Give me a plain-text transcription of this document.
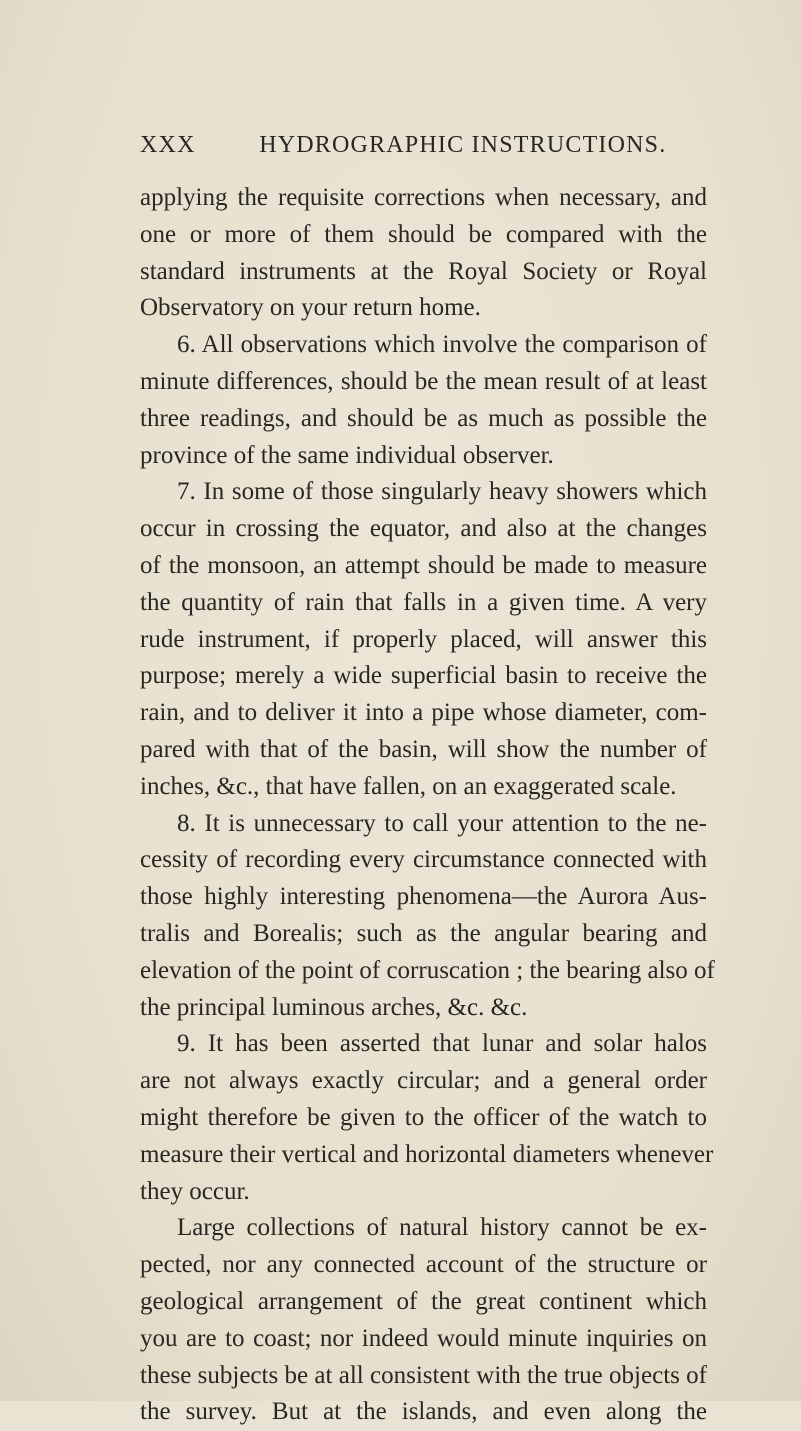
XXX	HYDROGRAPHIC INSTRUCTIONS.
applying the requisite corrections when necessary, and
one or more of them should be compared with the
standard instruments at the Royal Society or Royal
Observatory on your return home.
6. All observations which involve the comparison of
minute differences, should be the mean result of at least
three readings, and should be as much as possible the
province of the same individual observer.
7. In some of those singularly heavy showers which
occur in crossing the equator, and also at the changes
of the monsoon, an attempt should be made to measure
the quantity of rain that falls in a given time. A very
rude instrument, if properly placed, will answer this
purpose; merely a wide superficial basin to receive the
rain, and to deliver it into a pipe whose diameter, com-
pared with that of the basin, will show the number of
inches, &c., that have fallen, on an exaggerated scale.
8. It is unnecessary to call your attention to the ne-
cessity of recording every circumstance connected with
those highly interesting phenomena—the Aurora Aus-
tralis and Borealis; such as the angular bearing and
elevation of the point of corruscation ; the bearing also of
the principal luminous arches, &c. &c.
9. It has been asserted that lunar and solar halos
are not always exactly circular; and a general order
might therefore be given to the officer of the watch to
measure their vertical and horizontal diameters whenever
they occur.
Large collections of natural history cannot be ex-
pected, nor any connected account of the structure or
geological arrangement of the great continent which
you are to coast; nor indeed would minute inquiries on
these subjects be at all consistent with the true objects of
the survey. But at the islands, and even along the
